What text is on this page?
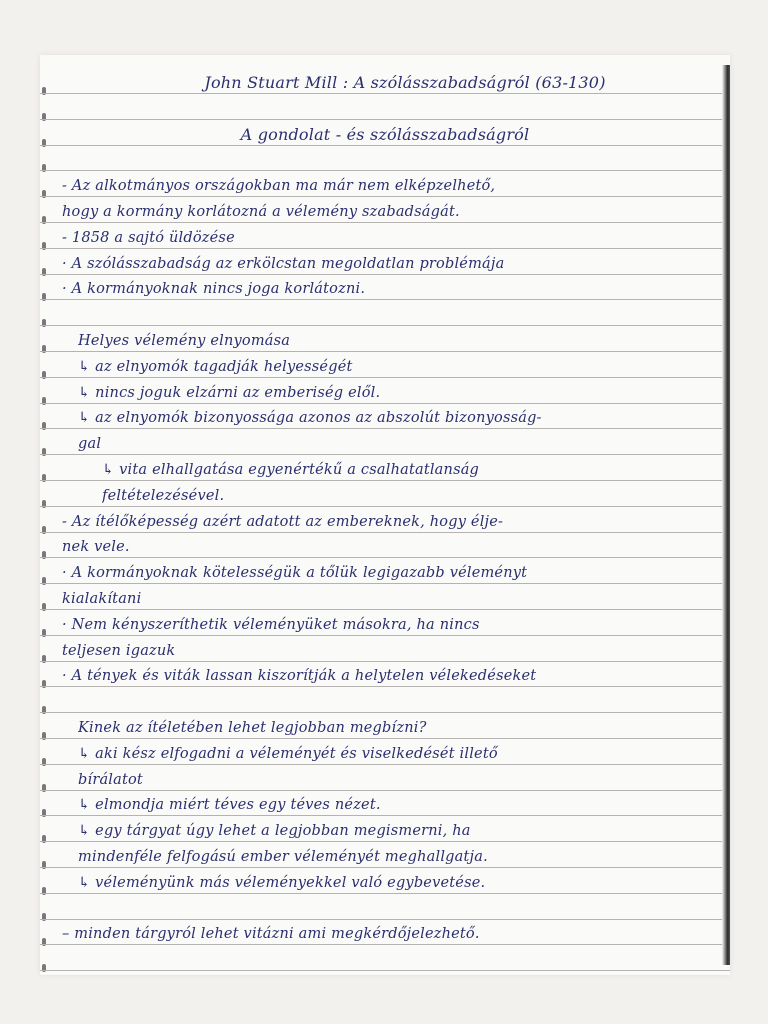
John Stuart Mill : A szólásszabadságról (63-130)
A gondolat - és szólásszabadságról
- Az alkotmányos országokban ma már nem elképzelhető,
hogy a kormány korlátozná a vélemény szabadságát.
- 1858 a sajtó üldözése
· A szólásszabadság az erkölcstan megoldatlan problémája
· A kormányoknak nincs joga korlátozni.
Helyes vélemény elnyomása
↳ az elnyomók tagadják helyességét
↳ nincs joguk elzárni az emberiség elől.
↳ az elnyomók bizonyossága azonos az abszolút bizonyosság-
gal
↳ vita elhallgatása egyenértékű a csalhatatlanság
feltételezésével.
- Az ítélőképesség azért adatott az embereknek, hogy élje-
nek vele.
· A kormányoknak kötelességük a tőlük legigazabb véleményt
kialakítani
· Nem kényszeríthetik véleményüket másokra, ha nincs
teljesen igazuk
· A tények és viták lassan kiszorítják a helytelen vélekedéseket
Kinek az ítéletében lehet legjobban megbízni?
↳ aki kész elfogadni a véleményét és viselkedését illető
bírálatot
↳ elmondja miért téves egy téves nézet.
↳ egy tárgyat úgy lehet a legjobban megismerni, ha
mindenféle felfogású ember véleményét meghallgatja.
↳ véleményünk más véleményekkel való egybevetése.
– minden tárgyról lehet vitázni ami megkérdőjelezhető.
